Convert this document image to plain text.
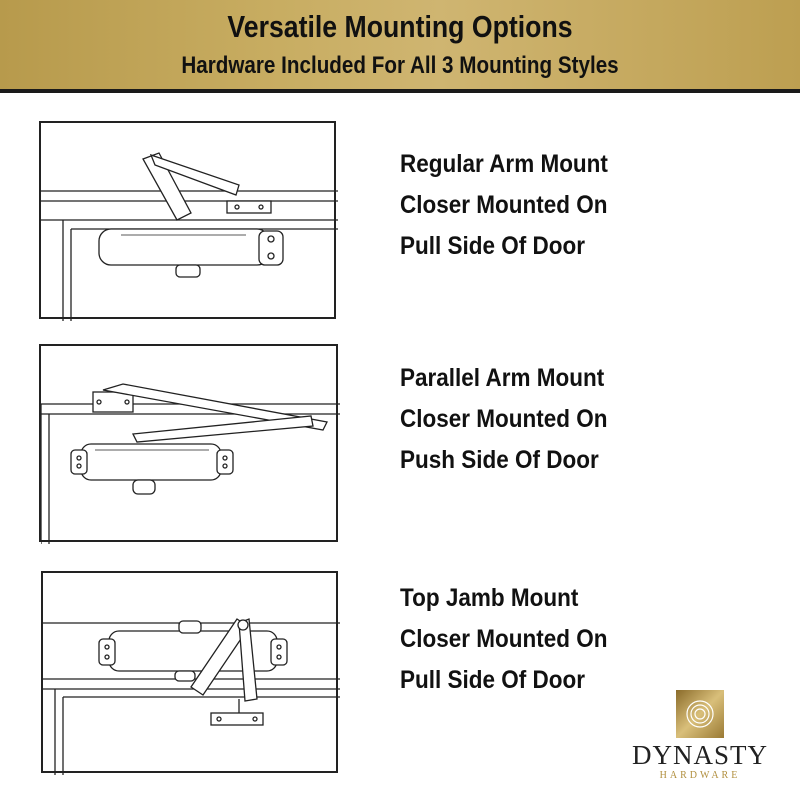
Versatile Mounting Options
Hardware Included For All 3 Mounting Styles
Regular Arm Mount
Closer Mounted On
Pull Side Of Door
Parallel Arm Mount
Closer Mounted On
Push Side Of Door
Top Jamb Mount
Closer Mounted On
Pull Side Of Door
DYNASTY
HARDWARE
